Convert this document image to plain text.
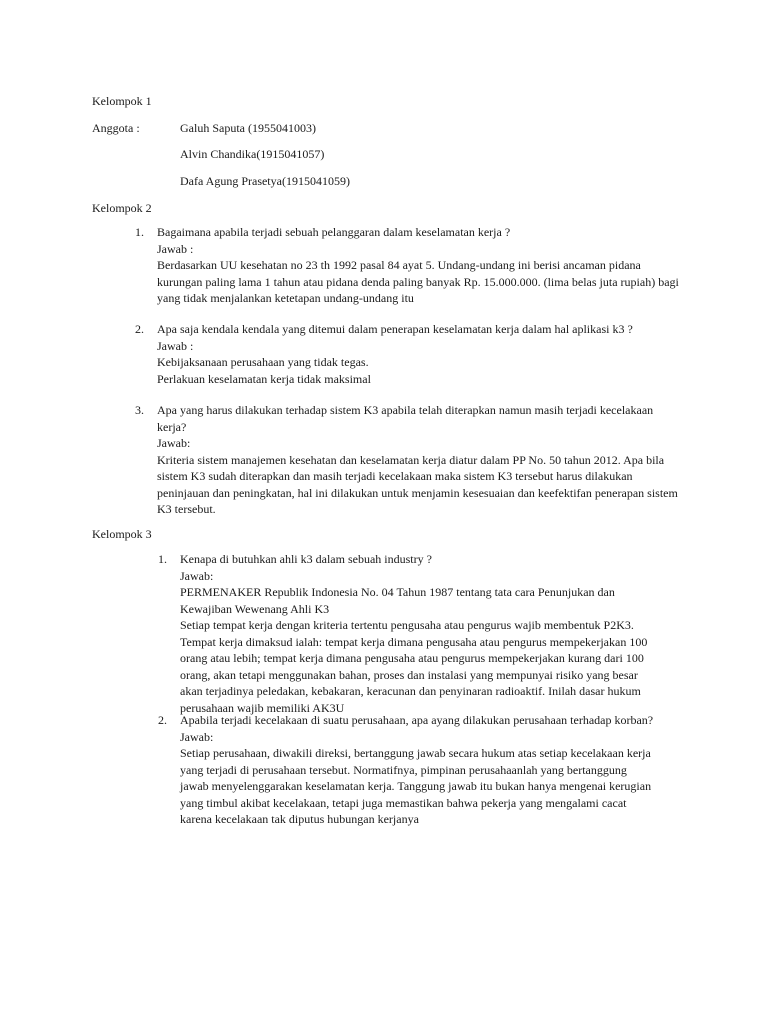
Kelompok 1
Anggota :	Galuh Saputa (1955041003)
Alvin Chandika(1915041057)
Dafa Agung Prasetya(1915041059)
Kelompok 2
1. Bagaimana apabila terjadi sebuah pelanggaran dalam keselamatan kerja ?

Jawab :

Berdasarkan UU kesehatan no 23 th 1992 pasal 84 ayat 5. Undang-undang ini berisi ancaman pidana kurungan paling lama 1 tahun atau pidana denda paling banyak Rp. 15.000.000. (lima belas juta rupiah) bagi yang tidak menjalankan ketetapan undang-undang itu

2. Apa saja kendala kendala yang ditemui dalam penerapan keselamatan kerja dalam hal aplikasi k3 ?

Jawab :

Kebijaksanaan perusahaan yang tidak tegas.

Perlakuan keselamatan kerja tidak maksimal

3. Apa yang harus dilakukan terhadap sistem K3 apabila telah diterapkan namun masih terjadi kecelakaan kerja?

Jawab:

Kriteria sistem manajemen kesehatan dan keselamatan kerja diatur dalam PP No. 50 tahun 2012. Apa bila sistem K3 sudah diterapkan dan masih terjadi kecelakaan maka sistem K3 tersebut harus dilakukan peninjauan dan peningkatan, hal ini dilakukan untuk menjamin kesesuaian dan keefektifan penerapan sistem K3 tersebut.

Kelompok 3
1. Kenapa di butuhkan ahli k3 dalam sebuah industry ?

Jawab:

PERMENAKER Republik Indonesia No. 04 Tahun 1987 tentang tata cara Penunjukan dan Kewajiban Wewenang Ahli K3

Setiap tempat kerja dengan kriteria tertentu pengusaha atau pengurus wajib membentuk P2K3.

Tempat kerja dimaksud ialah: tempat kerja dimana pengusaha atau pengurus mempekerjakan 100 orang atau lebih; tempat kerja dimana pengusaha atau pengurus mempekerjakan kurang dari 100 orang, akan tetapi menggunakan bahan, proses dan instalasi yang mempunyai risiko yang besar akan terjadinya peledakan, kebakaran, keracunan dan penyinaran radioaktif. Inilah dasar hukum perusahaan wajib memiliki AK3U

2. Apabila terjadi kecelakaan di suatu perusahaan, apa ayang dilakukan perusahaan terhadap korban?

Jawab:

Setiap perusahaan, diwakili direksi, bertanggung jawab secara hukum atas setiap kecelakaan kerja yang terjadi di perusahaan tersebut. Normatifnya, pimpinan perusahaanlah yang bertanggung jawab menyelenggarakan keselamatan kerja. Tanggung jawab itu bukan hanya mengenai kerugian yang timbul akibat kecelakaan, tetapi juga memastikan bahwa pekerja yang mengalami cacat karena kecelakaan tak diputus hubungan kerjanya
